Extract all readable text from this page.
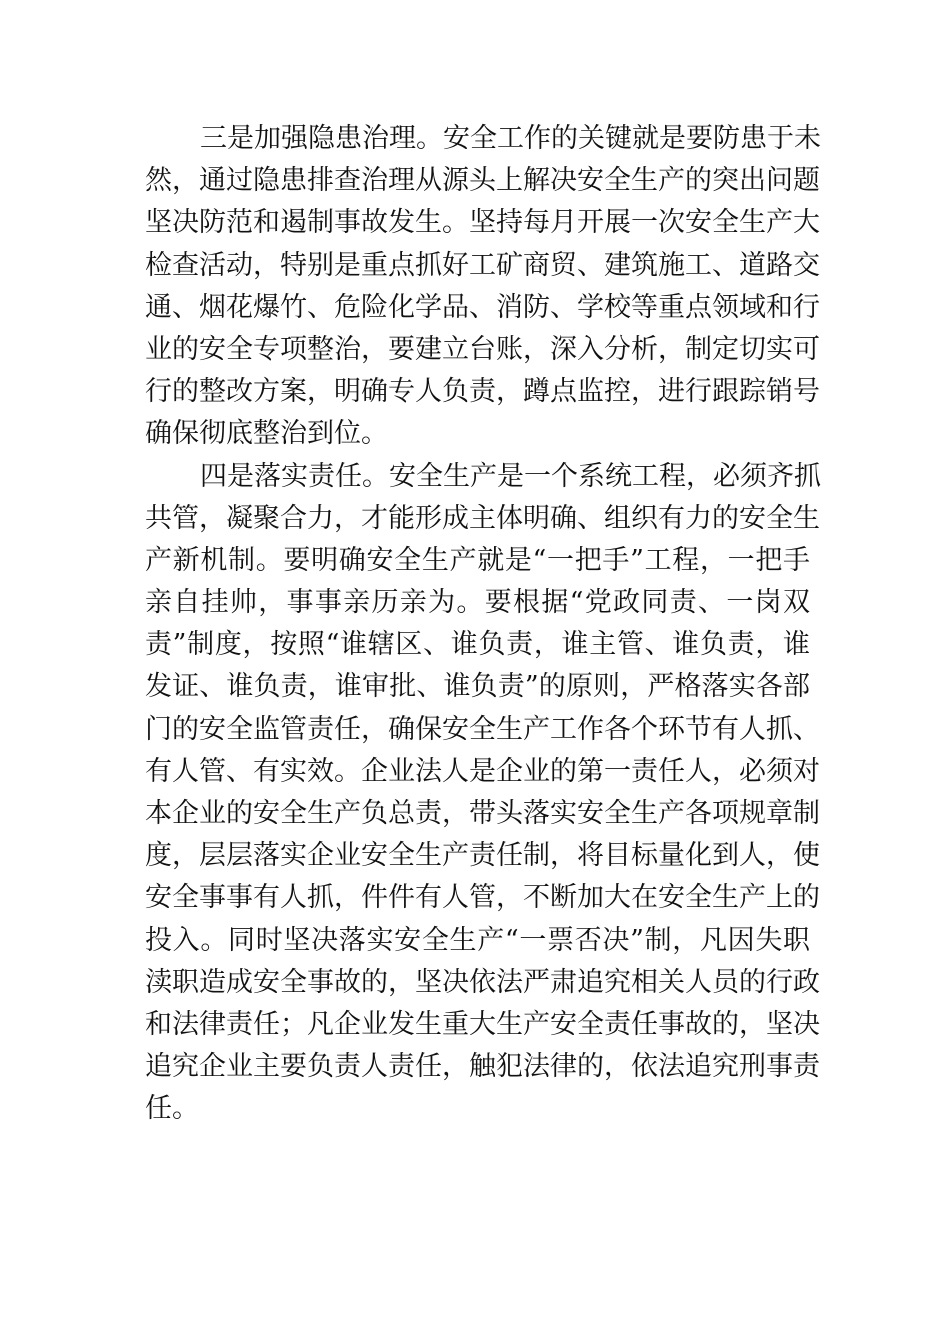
三是加强隐患治理。安全工作的关键就是要防患于未
然，通过隐患排查治理从源头上解决安全生产的突出问题
坚决防范和遏制事故发生。坚持每月开展一次安全生产大
检查活动，特别是重点抓好工矿商贸、建筑施工、道路交
通、烟花爆竹、危险化学品、消防、学校等重点领域和行
业的安全专项整治，要建立台账，深入分析，制定切实可
行的整改方案，明确专人负责，蹲点监控，进行跟踪销号
确保彻底整治到位。
四是落实责任。安全生产是一个系统工程，必须齐抓
共管，凝聚合力，才能形成主体明确、组织有力的安全生
产新机制。要明确安全生产就是“一把手”工程，一把手
亲自挂帅，事事亲历亲为。要根据“党政同责、一岗双
责”制度，按照“谁辖区、谁负责，谁主管、谁负责，谁
发证、谁负责，谁审批、谁负责”的原则，严格落实各部
门的安全监管责任，确保安全生产工作各个环节有人抓、
有人管、有实效。企业法人是企业的第一责任人，必须对
本企业的安全生产负总责，带头落实安全生产各项规章制
度，层层落实企业安全生产责任制，将目标量化到人，使
安全事事有人抓，件件有人管，不断加大在安全生产上的
投入。同时坚决落实安全生产“一票否决”制，凡因失职
渎职造成安全事故的，坚决依法严肃追究相关人员的行政
和法律责任；凡企业发生重大生产安全责任事故的，坚决
追究企业主要负责人责任，触犯法律的，依法追究刑事责
任。
